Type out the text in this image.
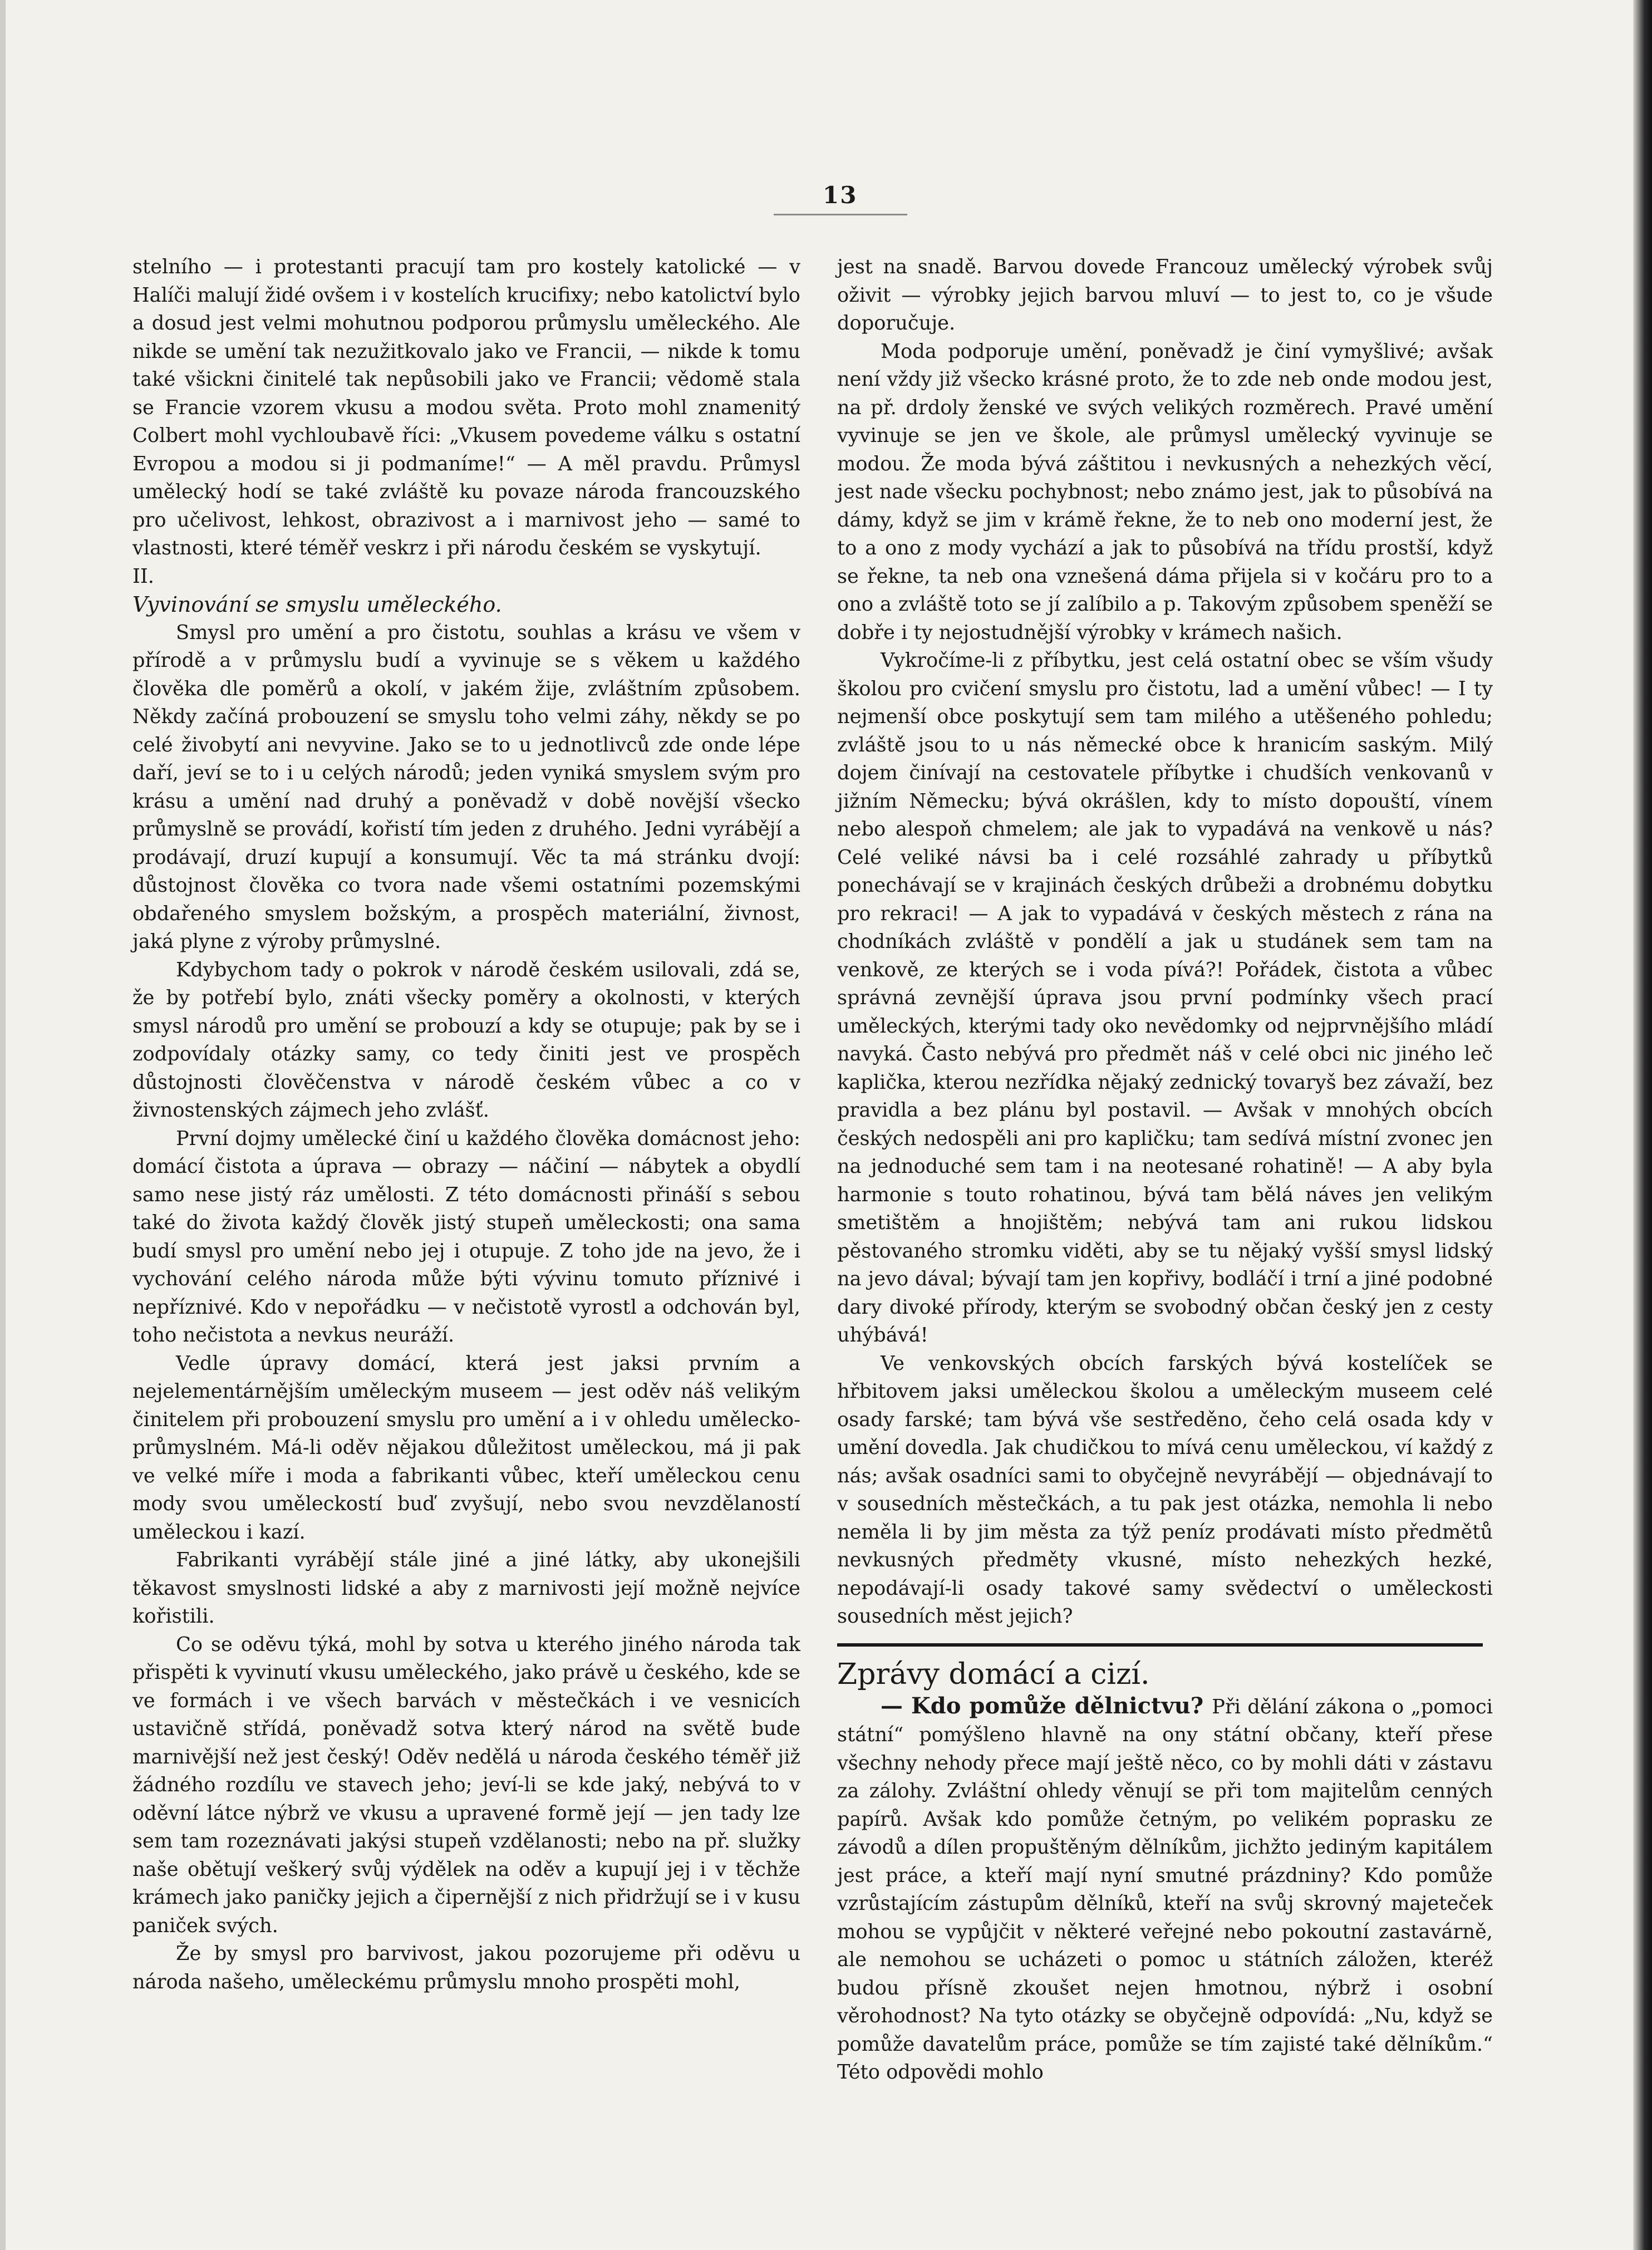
13

stelního — i protestanti pracují tam pro kostely katolické — v Halíči malují židé ovšem i v kostelích krucifixy; nebo katolictví bylo a dosud jest velmi mohutnou podporou průmyslu uměleckého. Ale nikde se umění tak nezužitkovalo jako ve Francii, — nikde k tomu také všickni činitelé tak nepůsobili jako ve Francii; vědomě stala se Francie vzorem vkusu a modou světa. Proto mohl znamenitý Colbert mohl vychloubavě říci: „Vkusem povedeme válku s ostatní Evropou a modou si ji podmaníme!“ — A měl pravdu. Průmysl umělecký hodí se také zvláště ku povaze národa francouzského pro učelivost, lehkost, obrazivost a i marnivost jeho — samé to vlastnosti, které téměř veskrz i při národu českém se vyskytují.

II.

Vyvinování se smyslu uměleckého.

Smysl pro umění a pro čistotu, souhlas a krásu ve všem v přírodě a v průmyslu budí a vyvinuje se s věkem u každého člověka dle poměrů a okolí, v jakém žije, zvláštním způsobem. Někdy začíná probouzení se smyslu toho velmi záhy, někdy se po celé živobytí ani nevyvine. Jako se to u jednotlivců zde onde lépe daří, jeví se to i u celých národů; jeden vyniká smyslem svým pro krásu a umění nad druhý a poněvadž v době novější všecko průmyslně se provádí, kořistí tím jeden z druhého. Jedni vyrábějí a prodávají, druzí kupují a konsumují. Věc ta má stránku dvojí: důstojnost člověka co tvora nade všemi ostatními pozemskými obdařeného smyslem božským, a prospěch materiální, živnost, jaká plyne z výroby průmyslné.

Kdybychom tady o pokrok v národě českém usilovali, zdá se, že by potřebí bylo, znáti všecky poměry a okolnosti, v kterých smysl národů pro umění se probouzí a kdy se otupuje; pak by se i zodpovídaly otázky samy, co tedy činiti jest ve prospěch důstojnosti člověčenstva v národě českém vůbec a co v živnostenských zájmech jeho zvlášť.

První dojmy umělecké činí u každého člověka domácnost jeho: domácí čistota a úprava — obrazy — náčiní — nábytek a obydlí samo nese jistý ráz umělosti. Z této domácnosti přináší s sebou také do života každý člověk jistý stupeň uměleckosti; ona sama budí smysl pro umění nebo jej i otupuje. Z toho jde na jevo, že i vychování celého národa může býti vývinu tomuto příznivé i nepříznivé. Kdo v nepořádku — v nečistotě vyrostl a odchován byl, toho nečistota a nevkus neuráží.

Vedle úpravy domácí, která jest jaksi prvním a nejelementárnějším uměleckým museem — jest oděv náš velikým činitelem při probouzení smyslu pro umění a i v ohledu umělecko-průmyslném. Má-li oděv nějakou důležitost uměleckou, má ji pak ve velké míře i moda a fabrikanti vůbec, kteří uměleckou cenu mody svou uměleckostí buď zvyšují, nebo svou nevzdělaností uměleckou i kazí.

Fabrikanti vyrábějí stále jiné a jiné látky, aby ukonejšili těkavost smyslnosti lidské a aby z marnivosti její možně nejvíce kořistili.

Co se oděvu týká, mohl by sotva u kterého jiného národa tak přispěti k vyvinutí vkusu uměleckého, jako právě u českého, kde se ve formách i ve všech barvách v městečkách i ve vesnicích ustavičně střídá, poněvadž sotva který národ na světě bude marnivější než jest český! Oděv nedělá u národa českého téměř již žádného rozdílu ve stavech jeho; jeví-li se kde jaký, nebývá to v oděvní látce nýbrž ve vkusu a upravené formě její — jen tady lze sem tam rozeznávati jakýsi stupeň vzdělanosti; nebo na př. služky naše obětují veškerý svůj výdělek na oděv a kupují jej i v těchže krámech jako paničky jejich a čipernější z nich přidržují se i v kusu paniček svých.

Že by smysl pro barvivost, jakou pozorujeme při oděvu u národa našeho, uměleckému průmyslu mnoho prospěti mohl,

jest na snadě. Barvou dovede Francouz umělecký výrobek svůj oživit — výrobky jejich barvou mluví — to jest to, co je všude doporučuje.

Moda podporuje umění, poněvadž je činí vymyšlivé; avšak není vždy již všecko krásné proto, že to zde neb onde modou jest, na př. drdoly ženské ve svých velikých rozměrech. Pravé umění vyvinuje se jen ve škole, ale průmysl umělecký vyvinuje se modou. Že moda bývá záštitou i nevkusných a nehezkých věcí, jest nade všecku pochybnost; nebo známo jest, jak to působívá na dámy, když se jim v krámě řekne, že to neb ono moderní jest, že to a ono z mody vychází a jak to působívá na třídu prostší, když se řekne, ta neb ona vznešená dáma přijela si v kočáru pro to a ono a zvláště toto se jí zalíbilo a p. Takovým způsobem speněží se dobře i ty nejostudnější výrobky v krámech našich.

Vykročíme-li z příbytku, jest celá ostatní obec se vším všudy školou pro cvičení smyslu pro čistotu, lad a umění vůbec! — I ty nejmenší obce poskytují sem tam milého a utěšeného pohledu; zvláště jsou to u nás německé obce k hranicím saským. Milý dojem činívají na cestovatele příbytke i chudších venkovanů v jižním Německu; bývá okrášlen, kdy to místo dopouští, vínem nebo alespoň chmelem; ale jak to vypadává na venkově u nás? Celé veliké návsi ba i celé rozsáhlé zahrady u příbytků ponechávají se v krajinách českých drůbeži a drobnému dobytku pro rekraci! — A jak to vypadává v českých městech z rána na chodníkách zvláště v pondělí a jak u studánek sem tam na venkově, ze kterých se i voda pívá?! Pořádek, čistota a vůbec správná zevnější úprava jsou první podmínky všech prací uměleckých, kterými tady oko nevědomky od nejprvnějšího mládí navyká. Často nebývá pro předmět náš v celé obci nic jiného leč kaplička, kterou nezřídka nějaký zednický tovaryš bez závaží, bez pravidla a bez plánu byl postavil. — Avšak v mnohých obcích českých nedospěli ani pro kapličku; tam sedívá místní zvonec jen na jednoduché sem tam i na neotesané rohatině! — A aby byla harmonie s touto rohatinou, bývá tam bělá náves jen velikým smetištěm a hnojištěm; nebývá tam ani rukou lidskou pěstovaného stromku viděti, aby se tu nějaký vyšší smysl lidský na jevo dával; bývají tam jen kopřivy, bodláčí i trní a jiné podobné dary divoké přírody, kterým se svobodný občan český jen z cesty uhýbává!

Ve venkovských obcích farských bývá kostelíček se hřbitovem jaksi uměleckou školou a uměleckým museem celé osady farské; tam bývá vše sestředěno, čeho celá osada kdy v umění dovedla. Jak chudičkou to mívá cenu uměleckou, ví každý z nás; avšak osadníci sami to obyčejně nevyrábějí — objednávají to v sousedních městečkách, a tu pak jest otázka, nemohla li nebo neměla li by jim města za týž peníz prodávati místo předmětů nevkusných předměty vkusné, místo nehezkých hezké, nepodávají-li osady takové samy svědectví o uměleckosti sousedních měst jejich?

Zprávy domácí a cizí.

— Kdo pomůže dělnictvu? Při dělání zákona o „pomoci státní“ pomýšleno hlavně na ony státní občany, kteří přese všechny nehody přece mají ještě něco, co by mohli dáti v zástavu za zálohy. Zvláštní ohledy věnují se při tom majitelům cenných papírů. Avšak kdo pomůže četným, po velikém poprasku ze závodů a dílen propuštěným dělníkům, jichžto jediným kapitálem jest práce, a kteří mají nyní smutné prázdniny? Kdo pomůže vzrůstajícím zástupům dělníků, kteří na svůj skrovný majeteček mohou se vypůjčit v některé veřejné nebo pokoutní zastavárně, ale nemohou se ucházeti o pomoc u státních záložen, kteréž budou přísně zkoušet nejen hmotnou, nýbrž i osobní věrohodnost? Na tyto otázky se obyčejně odpovídá: „Nu, když se pomůže davatelům práce, pomůže se tím zajisté také dělníkům.“ Této odpovědi mohlo
